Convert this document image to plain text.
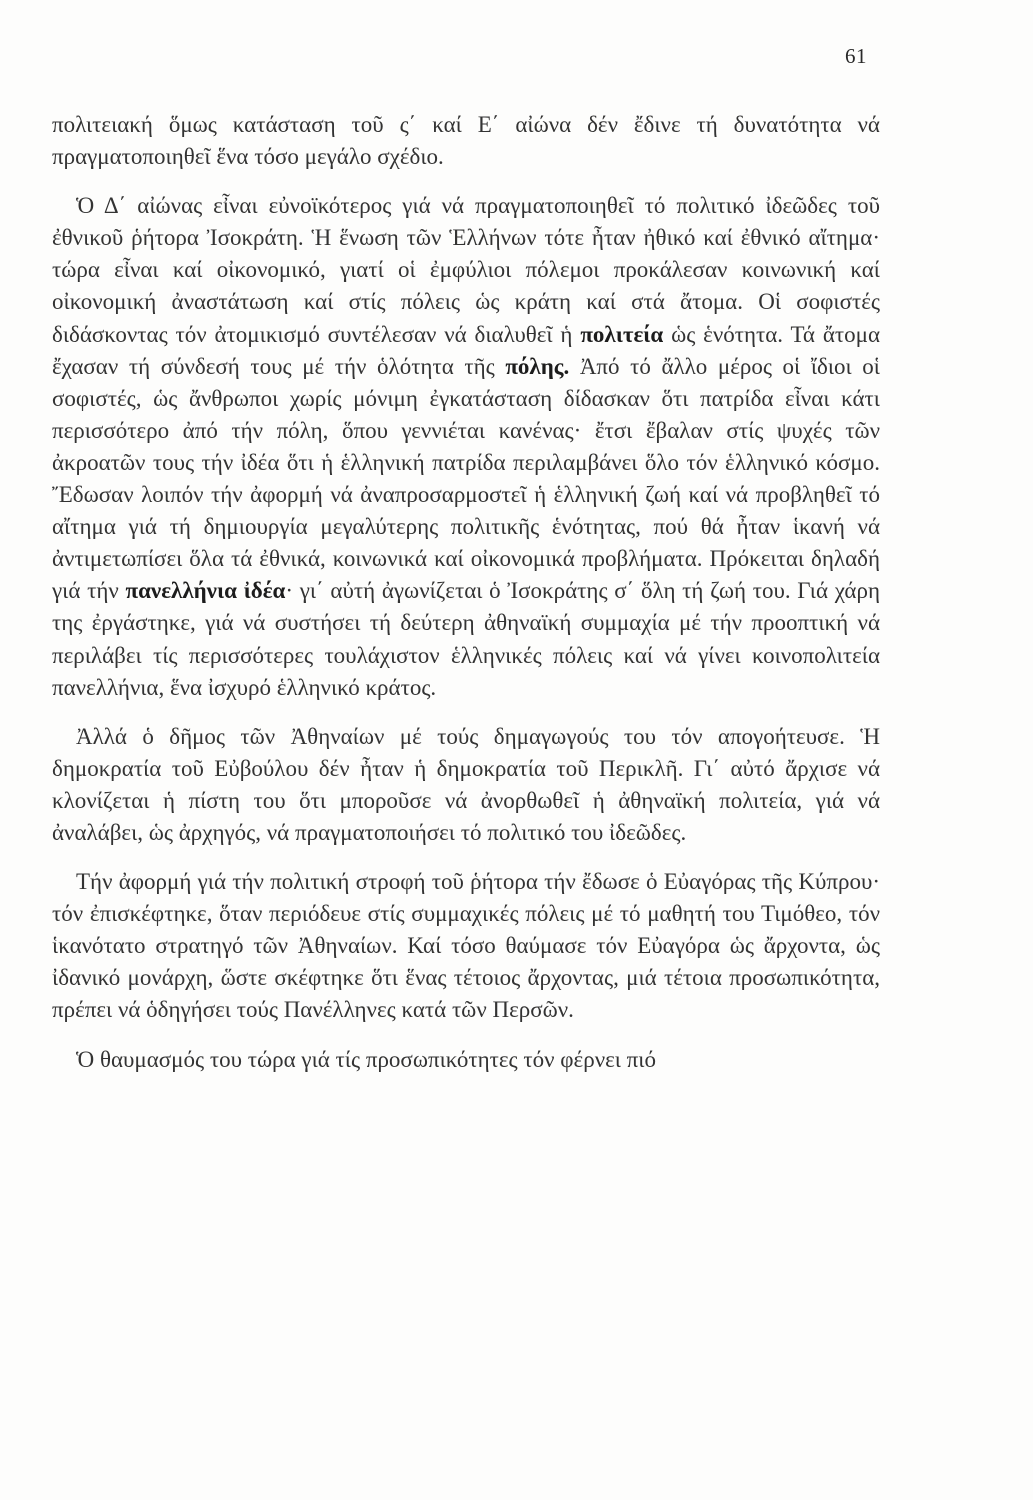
61

πολιτειακή ὅμως κατάσταση τοῦ ς΄ καί Ε΄ αἰώνα δέν ἔδινε τή δυνατότητα νά πραγματοποιηθεῖ ἕνα τόσο μεγάλο σχέδιο.

Ὁ Δ΄ αἰώνας εἶναι εὐνοϊκότερος γιά νά πραγματοποιηθεῖ τό πολιτικό ἰδεῶδες τοῦ ἐθνικοῦ ῥήτορα Ἰσοκράτη. Ἡ ἕνωση τῶν Ἑλλήνων τότε ἦταν ἠθικό καί ἐθνικό αἴτημα· τώρα εἶναι καί οἰκονομικό, γιατί οἱ ἐμφύλιοι πόλεμοι προκάλεσαν κοινωνική καί οἰκονομική ἀναστάτωση καί στίς πόλεις ὡς κράτη καί στά ἄτομα. Οἱ σοφιστές διδάσκοντας τόν ἀτομικισμό συντέλεσαν νά διαλυθεῖ ἡ πολιτεία ὡς ἑνότητα. Τά ἄτομα ἔχασαν τή σύνδεσή τους μέ τήν ὁλότητα τῆς πόλης. Ἀπό τό ἄλλο μέρος οἱ ἴδιοι οἱ σοφιστές, ὡς ἄνθρωποι χωρίς μόνιμη ἐγκατάσταση δίδασκαν ὅτι πατρίδα εἶναι κάτι περισσότερο ἀπό τήν πόλη, ὅπου γεννιέται κανένας· ἔτσι ἔβαλαν στίς ψυχές τῶν ἀκροατῶν τους τήν ἰδέα ὅτι ἡ ἑλληνική πατρίδα περιλαμβάνει ὅλο τόν ἑλληνικό κόσμο. Ἔδωσαν λοιπόν τήν ἀφορμή νά ἀναπροσαρμοστεῖ ἡ ἑλληνική ζωή καί νά προβληθεῖ τό αἴτημα γιά τή δημιουργία μεγαλύτερης πολιτικῆς ἑνότητας, πού θά ἦταν ἱκανή νά ἀντιμετωπίσει ὅλα τά ἐθνικά, κοινωνικά καί οἰκονομικά προβλήματα. Πρόκειται δηλαδή γιά τήν πανελλήνια ἰδέα· γι΄ αὐτή ἀγωνίζεται ὁ Ἰσοκράτης σ΄ ὅλη τή ζωή του. Γιά χάρη της ἐργάστηκε, γιά νά συστήσει τή δεύτερη ἀθηναϊκή συμμαχία μέ τήν προοπτική νά περιλάβει τίς περισσότερες τουλάχιστον ἑλληνικές πόλεις καί νά γίνει κοινοπολιτεία πανελλήνια, ἕνα ἰσχυρό ἑλληνικό κράτος.

Ἀλλά ὁ δῆμος τῶν Ἀθηναίων μέ τούς δημαγωγούς του τόν απογοήτευσε. Ἡ δημοκρατία τοῦ Εὐβούλου δέν ἦταν ἡ δημοκρατία τοῦ Περικλῆ. Γι΄ αὐτό ἄρχισε νά κλονίζεται ἡ πίστη του ὅτι μποροῦσε νά ἀνορθωθεῖ ἡ ἀθηναϊκή πολιτεία, γιά νά ἀναλάβει, ὡς ἀρχηγός, νά πραγματοποιήσει τό πολιτικό του ἰδεῶδες.

Τήν ἀφορμή γιά τήν πολιτική στροφή τοῦ ῥήτορα τήν ἔδωσε ὁ Εὐαγόρας τῆς Κύπρου· τόν ἐπισκέφτηκε, ὅταν περιόδευε στίς συμμαχικές πόλεις μέ τό μαθητή του Τιμόθεο, τόν ἱκανότατο στρατηγό τῶν Ἀθηναίων. Καί τόσο θαύμασε τόν Εὐαγόρα ὡς ἄρχοντα, ὡς ἰδανικό μονάρχη, ὥστε σκέφτηκε ὅτι ἕνας τέτοιος ἄρχοντας, μιά τέτοια προσωπικότητα, πρέπει νά ὁδηγήσει τούς Πανέλληνες κατά τῶν Περσῶν.

Ὁ θαυμασμός του τώρα γιά τίς προσωπικότητες τόν φέρνει πιό
